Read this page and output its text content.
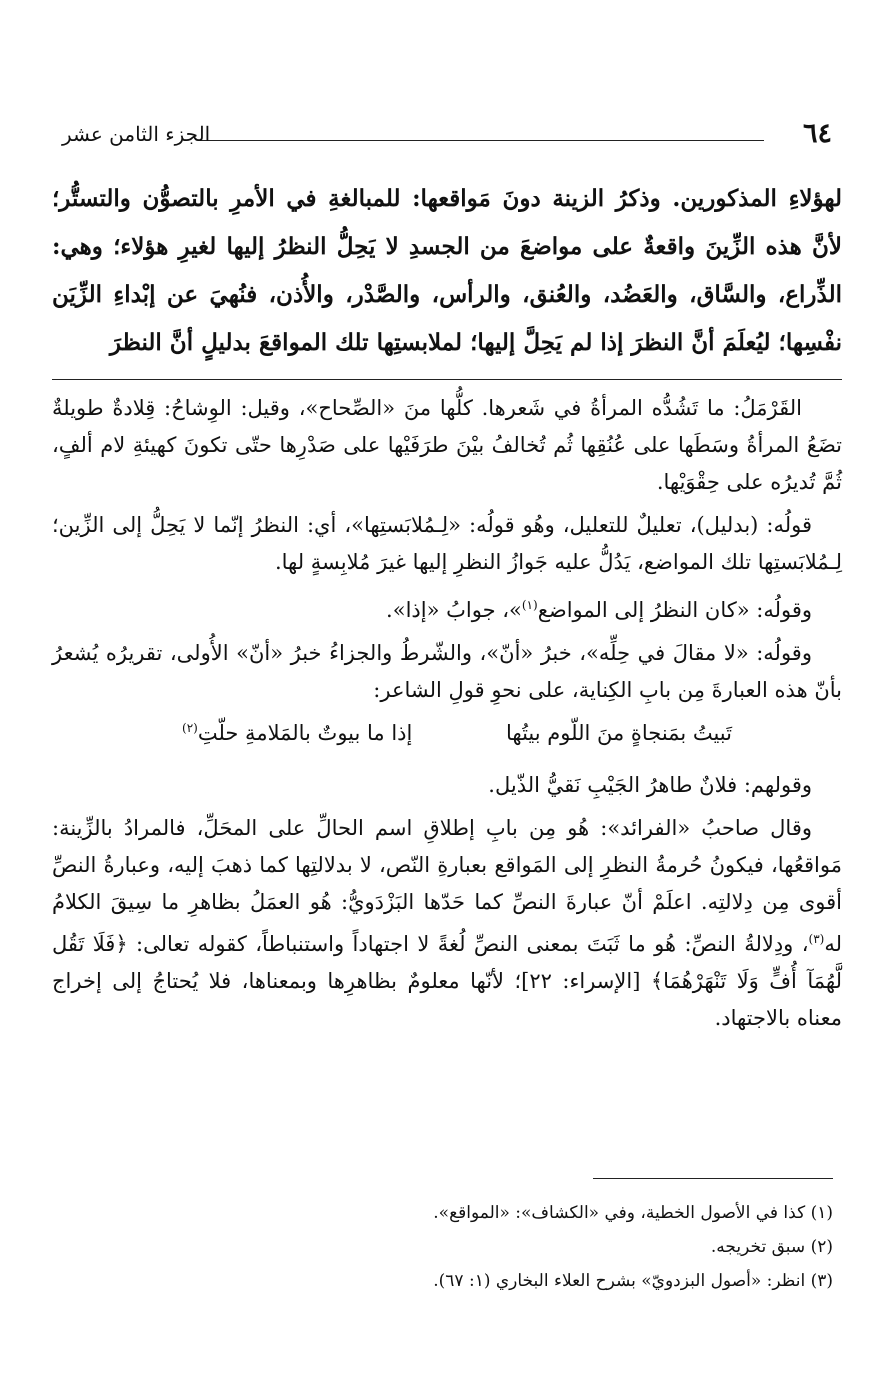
٦٤
الجزء الثامن عشر

لهؤلاءِ المذكورين. وذكرُ الزينة دونَ مَواقعها: للمبالغةِ في الأمرِ بالتصوُّن والتستُّر؛ لأنَّ هذه الزِّينَ واقعةٌ على مواضعَ من الجسدِ لا يَحِلُّ النظرُ إليها لغيرِ هؤلاء؛ وهي: الذِّراع، والسَّاق، والعَضُد، والعُنق، والرأس، والصَّدْر، والأُذن، فنُهيَ عن إبْداءِ الزِّيَن نفْسِها؛ ليُعلَمَ أنَّ النظرَ إذا لم يَحِلَّ إليها؛ لملابستِها تلك المواقعَ بدليلٍ أنَّ النظرَ

القَرْمَلُ: ما تَشُدُّه المرأةُ في شَعرها. كلُّها منَ «الصِّحاح»، وقيل: الوِشاحُ: قِلادةٌ طويلةٌ تضَعُ المرأةُ وسَطَها على عُنُقِها ثُم تُخالفُ بيْنَ طرَفَيْها على صَدْرِها حتّى تكونَ كهيئةِ لام ألفٍ، ثُمَّ تُديرُه على حِقْوَيْها.

قولُه: (بدليل)، تعليلٌ للتعليل، وهُو قولُه: «لِـمُلابَستِها»، أي: النظرُ إنّما لا يَحِلُّ إلى الزِّين؛ لِـمُلابَستِها تلك المواضع، يَدُلُّ عليه جَوازُ النظرِ إليها غيرَ مُلابِسةٍ لها.

وقولُه: «كان النظرُ إلى المواضع$^{(١)}$»، جوابُ «إذا».

وقولُه: «لا مقالَ في حِلِّه»، خبرُ «أنّ»، والشّرطُ والجزاءُ خبرُ «أنّ» الأُولى، تقريرُه يُشعرُ بأنّ هذه العبارةَ مِن بابِ الكِناية، على نحوِ قولِ الشاعر:

تَبيتُ بمَنجاةٍ منَ اللّوم بيتُها
إذا ما بيوتٌ بالمَلامةِ حلّتِ$^{(٢)}$

وقولهم: فلانٌ طاهرُ الجَيْبِ نَقيُّ الذّيل.

وقال صاحبُ «الفرائد»: هُو مِن بابِ إطلاقِ اسم الحالِّ على المحَلِّ، فالمرادُ بالزِّينة: مَواقعُها، فيكونُ حُرمةُ النظرِ إلى المَواقع بعبارةِ النّص، لا بدلالتِها كما ذهبَ إليه، وعبارةُ النصِّ أقوى مِن دِلالتِه. اعلَمْ أنّ عبارةَ النصِّ كما حَدّها البَزْدَويُّ: هُو العمَلُ بظاهرِ ما سِيقَ الكلامُ له$^{(٣)}$، ودِلالةُ النصِّ: هُو ما ثَبَتَ بمعنى النصِّ لُغةً لا اجتهاداً واستنباطاً، كقوله تعالى: ﴿فَلَا تَقُل لَّهُمَآ أُفٍّ وَلَا تَنْهَرْهُمَا﴾ [الإسراء: ٢٢]؛ لأنّها معلومٌ بظاهرِها وبمعناها، فلا يُحتاجُ إلى إخراج معناه بالاجتهاد.

(١) كذا في الأصول الخطية، وفي «الكشاف»: «المواقع».
(٢) سبق تخريجه.
(٣) انظر: «أصول البزدويّ» بشرح العلاء البخاري (١: ٦٧).
